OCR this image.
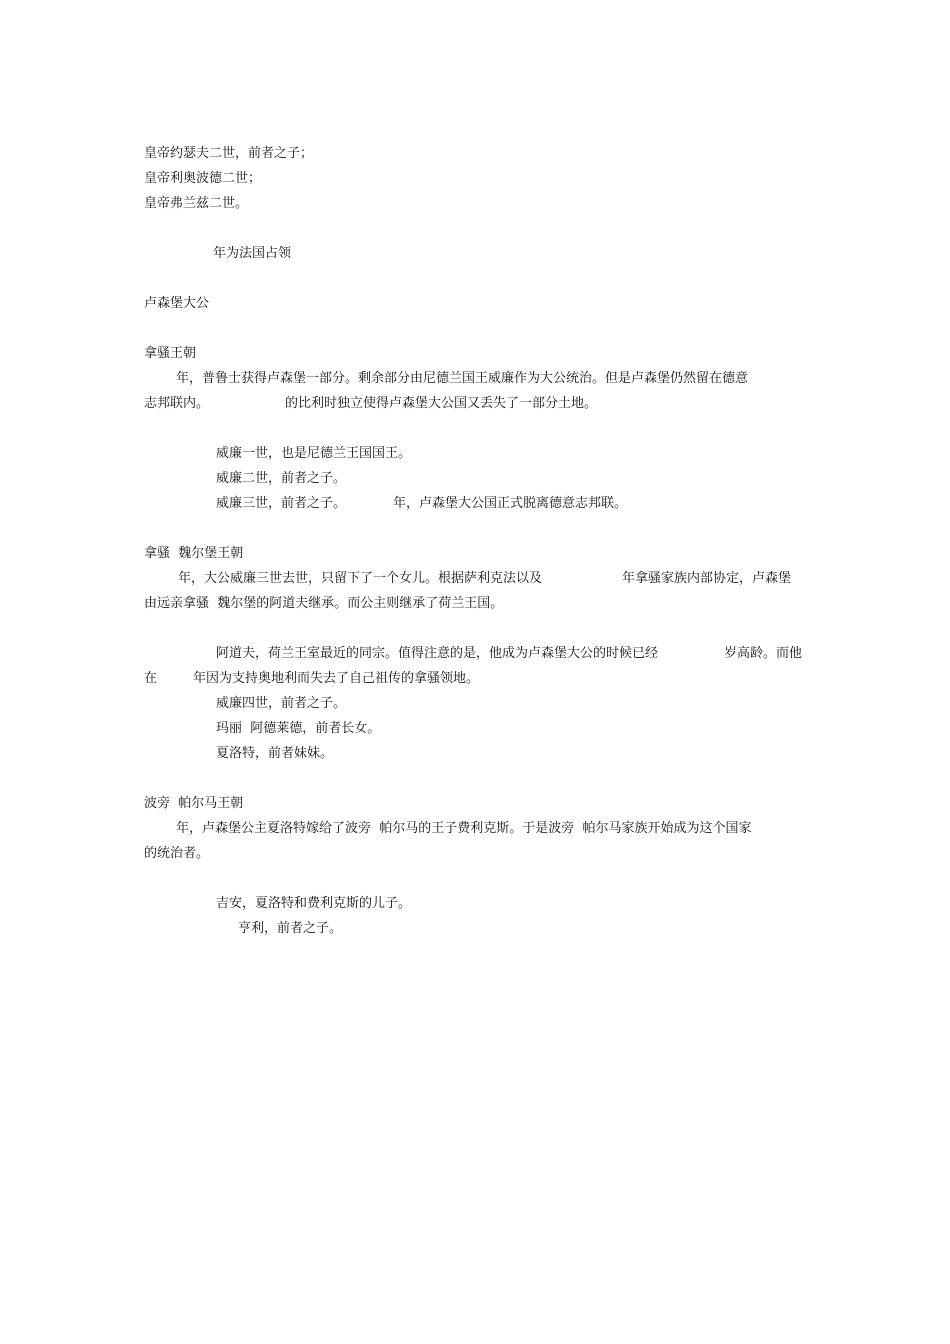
皇帝约瑟夫二世，前者之子；
皇帝利奥波德二世；
皇帝弗兰兹二世。
年为法国占领
卢森堡大公
拿骚王朝
年，普鲁士获得卢森堡一部分。剩余部分由尼德兰国王威廉作为大公统治。但是卢森堡仍然留在德意
志邦联内。	的比利时独立使得卢森堡大公国又丢失了一部分土地。
威廉一世，也是尼德兰王国国王。
威廉二世，前者之子。
威廉三世，前者之子。	年，卢森堡大公国正式脱离德意志邦联。
拿骚  魏尔堡王朝
年，大公威廉三世去世，只留下了一个女儿。根据萨利克法以及	年拿骚家族内部协定，卢森堡
由远亲拿骚  魏尔堡的阿道夫继承。而公主则继承了荷兰王国。
阿道夫，荷兰王室最近的同宗。值得注意的是，他成为卢森堡大公的时候已经	岁高龄。而他
在	年因为支持奥地利而失去了自己祖传的拿骚领地。
威廉四世，前者之子。
玛丽  阿德莱德，前者长女。
夏洛特，前者妹妹。
波旁  帕尔马王朝
年，卢森堡公主夏洛特嫁给了波旁  帕尔马的王子费利克斯。于是波旁  帕尔马家族开始成为这个国家
的统治者。
吉安，夏洛特和费利克斯的儿子。
亨利，前者之子。
